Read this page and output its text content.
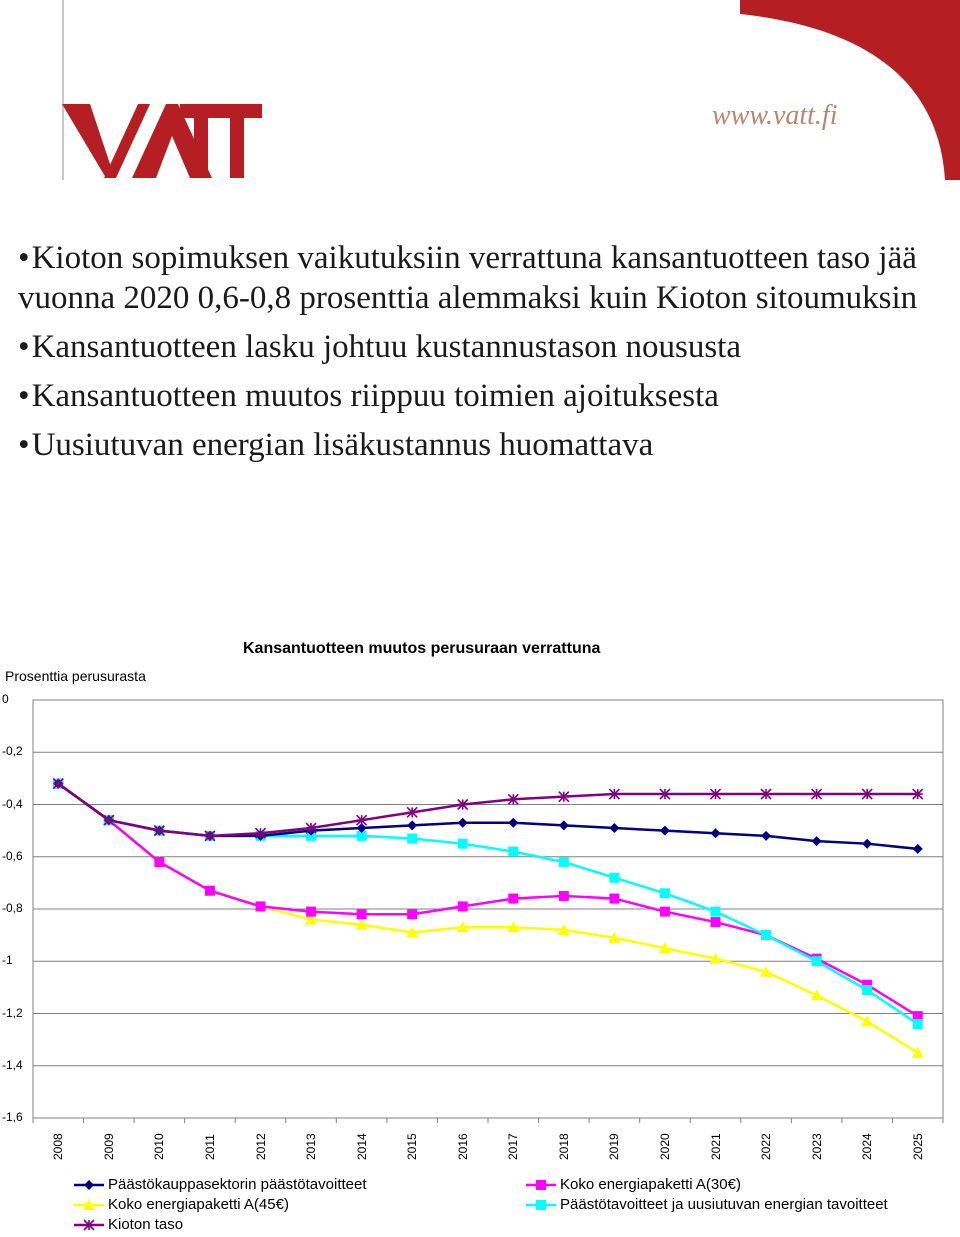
www.vatt.fi
•Kioton sopimuksen vaikutuksiin verrattuna kansantuotteen taso jää vuonna 2020 0,6-0,8 prosenttia alemmaksi kuin Kioton sitoumuksin
•Kansantuotteen lasku johtuu kustannustason noususta
•Kansantuotteen muutos riippuu toimien ajoituksesta
•Uusiutuvan energian lisäkustannus huomattava
Kansantuotteen muutos perusuraan verrattuna
Prosenttia perusurasta
0
-0,2
-0,4
-0,6
-0,8
-1
-1,2
-1,4
-1,6
2008	2009	2010	2011	2012	2013	2014	2015	2016	2017	2018	2019	2020	2021	2022	2023	2024	2025
Päästökauppasektorin päästötavoitteet	Koko energiapaketti A(30€)
Koko energiapaketti A(45€)	Päästötavoitteet ja uusiutuvan energian tavoitteet
Kioton taso
